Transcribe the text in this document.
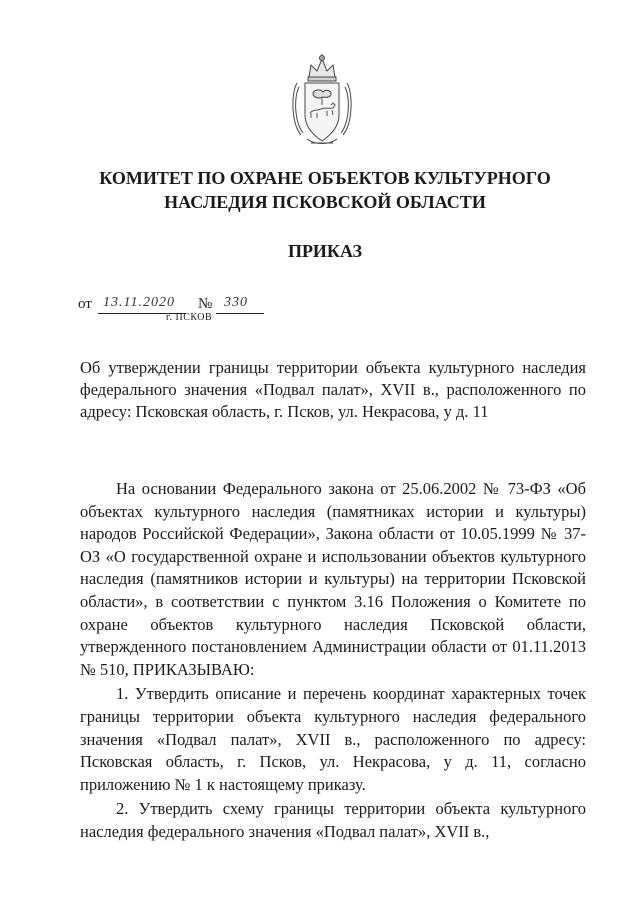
КОМИТЕТ ПО ОХРАНЕ ОБЪЕКТОВ КУЛЬТУРНОГО
НАСЛЕДИЯ ПСКОВСКОЙ ОБЛАСТИ
ПРИКАЗ
от 13.11.2020 № 330
г. ПСКОВ
Об утверждении границы территории объекта культурного наследия федерального значения «Подвал палат», XVII в., расположенного по адресу: Псковская область, г. Псков, ул. Некрасова, у д. 11

На основании Федерального закона от 25.06.2002 № 73-ФЗ «Об объектах культурного наследия (памятниках истории и культуры) народов Российской Федерации», Закона области от 10.05.1999 № 37-ОЗ «О государственной охране и использовании объектов культурного наследия (памятников истории и культуры) на территории Псковской области», в соответствии с пунктом 3.16 Положения о Комитете по охране объектов культурного наследия Псковской области, утвержденного постановлением Администрации области от 01.11.2013 № 510, ПРИКАЗЫВАЮ:

1. Утвердить описание и перечень координат характерных точек границы территории объекта культурного наследия федерального значения «Подвал палат», XVII в., расположенного по адресу: Псковская область, г. Псков, ул. Некрасова, у д. 11, согласно приложению № 1 к настоящему приказу.

2. Утвердить схему границы территории объекта культурного наследия федерального значения «Подвал палат», XVII в.,
